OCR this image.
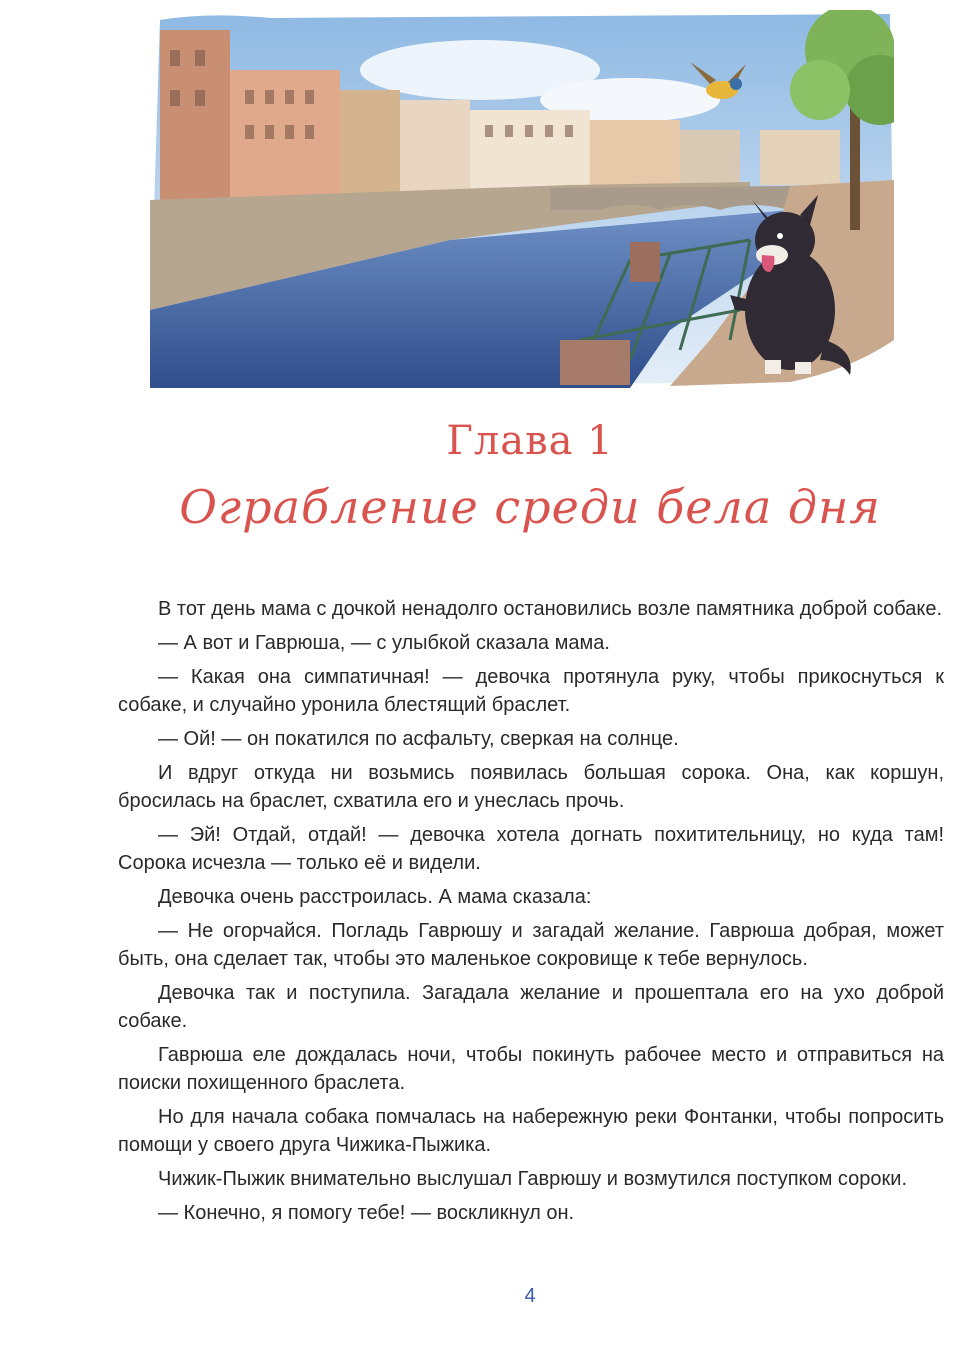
Глава 1
Ограбление среди бела дня

В тот день мама с дочкой ненадолго остановились возле памятника доброй собаке.

— А вот и Гаврюша, — с улыбкой сказала мама.

— Какая она симпатичная! — девочка протянула руку, чтобы прикоснуться к собаке, и случайно уронила блестящий браслет.

— Ой! — он покатился по асфальту, сверкая на солнце.

И вдруг откуда ни возьмись появилась большая сорока. Она, как коршун, бросилась на браслет, схватила его и унеслась прочь.

— Эй! Отдай, отдай! — девочка хотела догнать похитительницу, но куда там! Сорока исчезла — только её и видели.

Девочка очень расстроилась. А мама сказала:

— Не огорчайся. Погладь Гаврюшу и загадай желание. Гаврюша добрая, может быть, она сделает так, чтобы это маленькое сокровище к тебе вернулось.

Девочка так и поступила. Загадала желание и прошептала его на ухо доброй собаке.

Гаврюша еле дождалась ночи, чтобы покинуть рабочее место и отправиться на поиски похищенного браслета.

Но для начала собака помчалась на набережную реки Фонтанки, чтобы попросить помощи у своего друга Чижика-Пыжика.

Чижик-Пыжик внимательно выслушал Гаврюшу и возмутился поступком сороки.

— Конечно, я помогу тебе! — воскликнул он.

4
